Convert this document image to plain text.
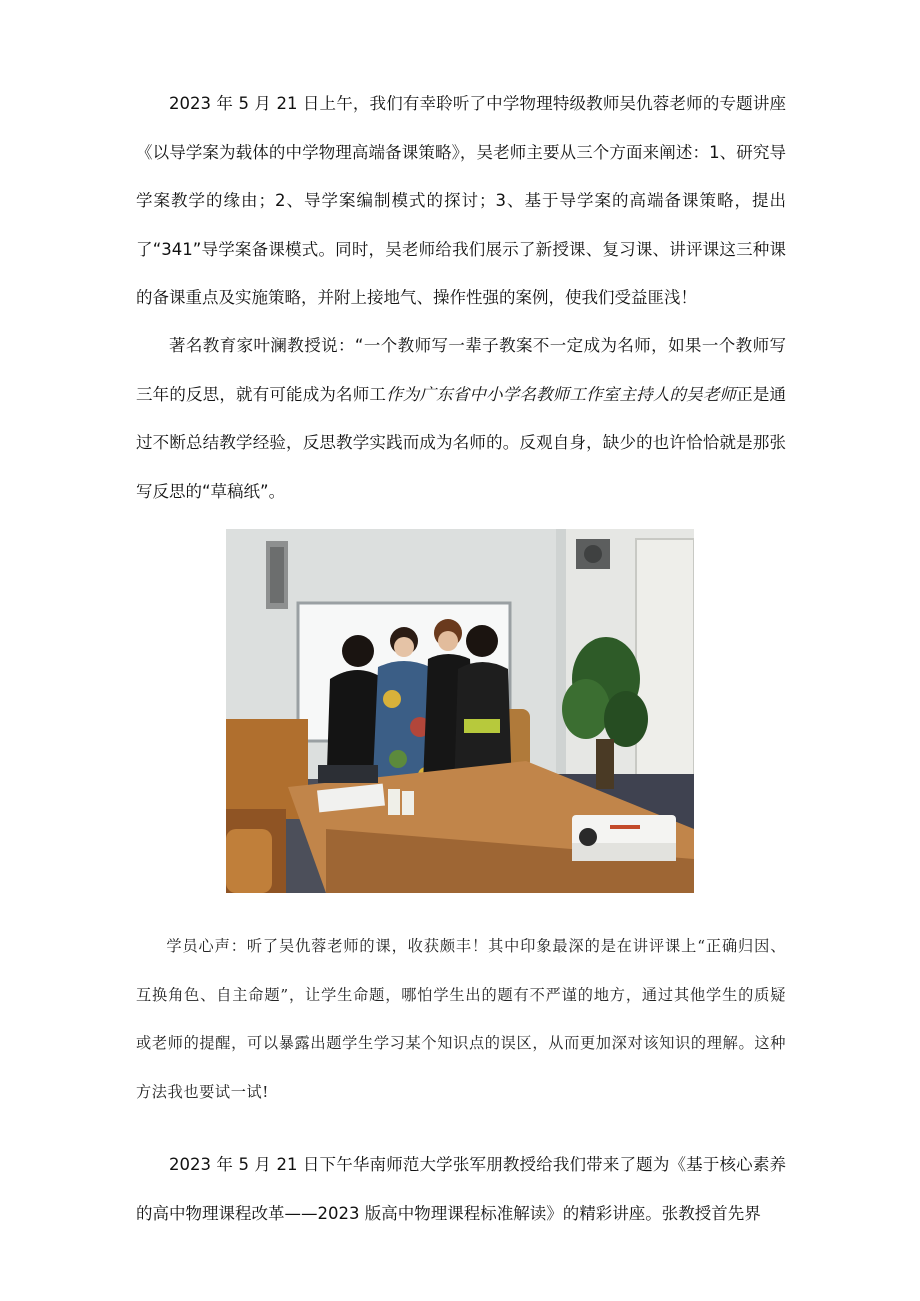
2023 年 5 月 21 日上午，我们有幸聆听了中学物理特级教师吴仇蓉老师的专题讲座《以导学案为载体的中学物理高端备课策略》，吴老师主要从三个方面来阐述：1、研究导学案教学的缘由；2、导学案编制模式的探讨；3、基于导学案的高端备课策略，提出了“341”导学案备课模式。同时，吴老师给我们展示了新授课、复习课、讲评课这三种课的备课重点及实施策略，并附上接地气、操作性强的案例，使我们受益匪浅！

著名教育家叶澜教授说：“一个教师写一辈子教案不一定成为名师，如果一个教师写三年的反思，就有可能成为名师工作为广东省中小学名教师工作室主持人的吴老师正是通过不断总结教学经验，反思教学实践而成为名师的。反观自身，缺少的也许恰恰就是那张写反思的“草稿纸”。

学员心声：听了吴仇蓉老师的课，收获颇丰！其中印象最深的是在讲评课上“正确归因、互换角色、自主命题”，让学生命题，哪怕学生出的题有不严谨的地方，通过其他学生的质疑或老师的提醒，可以暴露出题学生学习某个知识点的误区，从而更加深对该知识的理解。这种方法我也要试一试!

2023 年 5 月 21 日下午华南师范大学张军朋教授给我们带来了题为《基于核心素养的高中物理课程改革——2023 版高中物理课程标准解读》的精彩讲座。张教授首先界
